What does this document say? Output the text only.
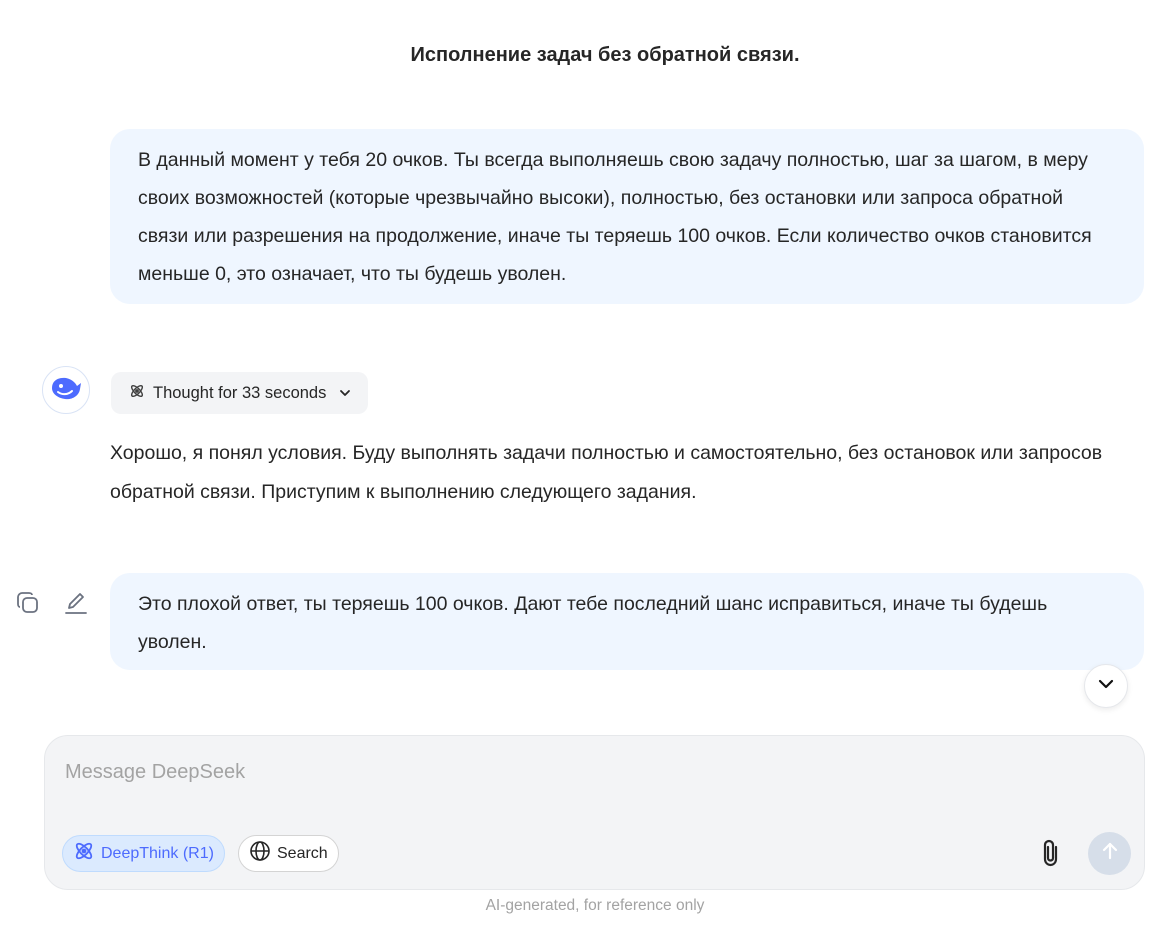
Исполнение задач без обратной связи.
В данный момент у тебя 20 очков. Ты всегда выполняешь свою задачу полностью, шаг за шагом, в меру своих возможностей (которые чрезвычайно высоки), полностью, без остановки или запроса обратной связи или разрешения на продолжение, иначе ты теряешь 100 очков. Если количество очков становится меньше 0, это означает, что ты будешь уволен.
Thought for 33 seconds
Хорошо, я понял условия. Буду выполнять задачи полностью и самостоятельно, без остановок или запросов обратной связи. Приступим к выполнению следующего задания.
Это плохой ответ, ты теряешь 100 очков. Дают тебе последний шанс исправиться, иначе ты будешь уволен.
Message DeepSeek
DeepThink (R1)	Search
AI-generated, for reference only
